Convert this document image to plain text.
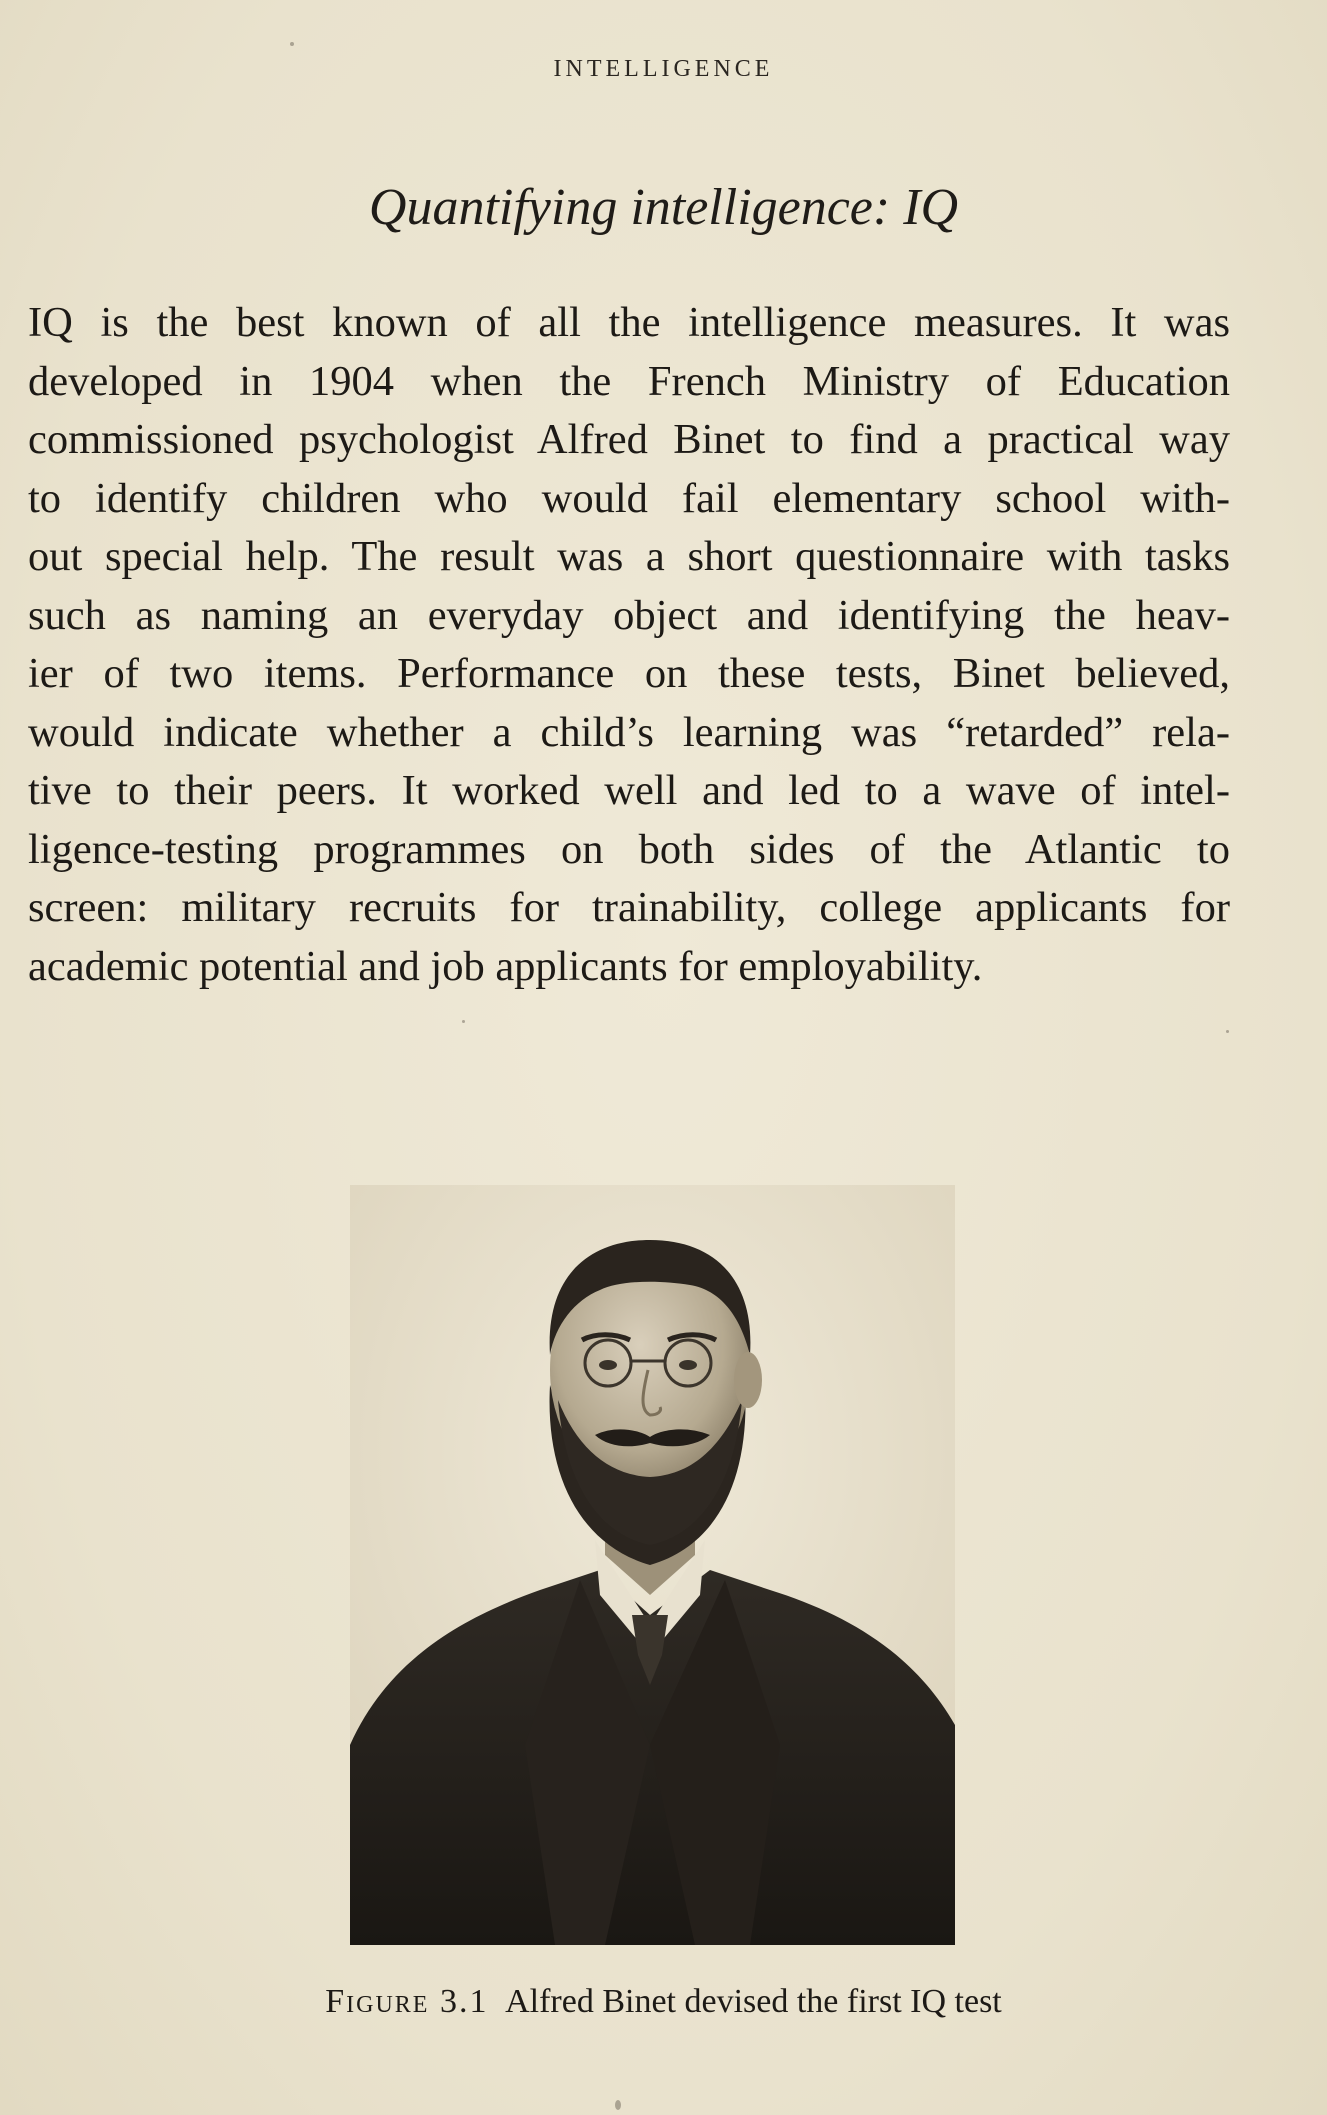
INTELLIGENCE
Quantifying intelligence: IQ
IQ is the best known of all the intelligence measures. It was
developed in 1904 when the French Ministry of Education
commissioned psychologist Alfred Binet to find a practical way
to identify children who would fail elementary school with-
out special help. The result was a short questionnaire with tasks
such as naming an everyday object and identifying the heav-
ier of two items. Performance on these tests, Binet believed,
would indicate whether a child’s learning was “retarded” rela-
tive to their peers. It worked well and led to a wave of intel-
ligence-testing programmes on both sides of the Atlantic to
screen: military recruits for trainability, college applicants for
academic potential and job applicants for employability.
Figure 3.1 Alfred Binet devised the first IQ test
